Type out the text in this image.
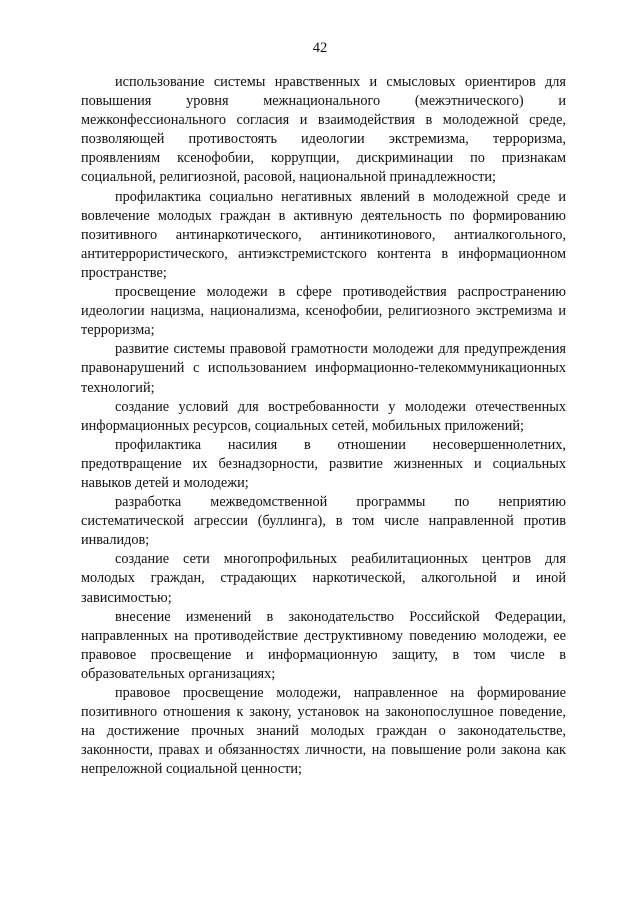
42

использование системы нравственных и смысловых ориентиров для повышения уровня межнационального (межэтнического) и межконфессионального согласия и взаимодействия в молодежной среде, позволяющей противостоять идеологии экстремизма, терроризма, проявлениям ксенофобии, коррупции, дискриминации по признакам социальной, религиозной, расовой, национальной принадлежности;

профилактика социально негативных явлений в молодежной среде и вовлечение молодых граждан в активную деятельность по формированию позитивного антинаркотического, антиникотинового, антиалкогольного, антитеррористического, антиэкстремистского контента в информационном пространстве;

просвещение молодежи в сфере противодействия распространению идеологии нацизма, национализма, ксенофобии, религиозного экстремизма и терроризма;

развитие системы правовой грамотности молодежи для предупреждения правонарушений с использованием информационно-телекоммуникационных технологий;

создание условий для востребованности у молодежи отечественных информационных ресурсов, социальных сетей, мобильных приложений;

профилактика насилия в отношении несовершеннолетних, предотвращение их безнадзорности, развитие жизненных и социальных навыков детей и молодежи;

разработка межведомственной программы по неприятию систематической агрессии (буллинга), в том числе направленной против инвалидов;

создание сети многопрофильных реабилитационных центров для молодых граждан, страдающих наркотической, алкогольной и иной зависимостью;

внесение изменений в законодательство Российской Федерации, направленных на противодействие деструктивному поведению молодежи, ее правовое просвещение и информационную защиту, в том числе в образовательных организациях;

правовое просвещение молодежи, направленное на формирование позитивного отношения к закону, установок на законопослушное поведение, на достижение прочных знаний молодых граждан о законодательстве, законности, правах и обязанностях личности, на повышение роли закона как непреложной социальной ценности;
